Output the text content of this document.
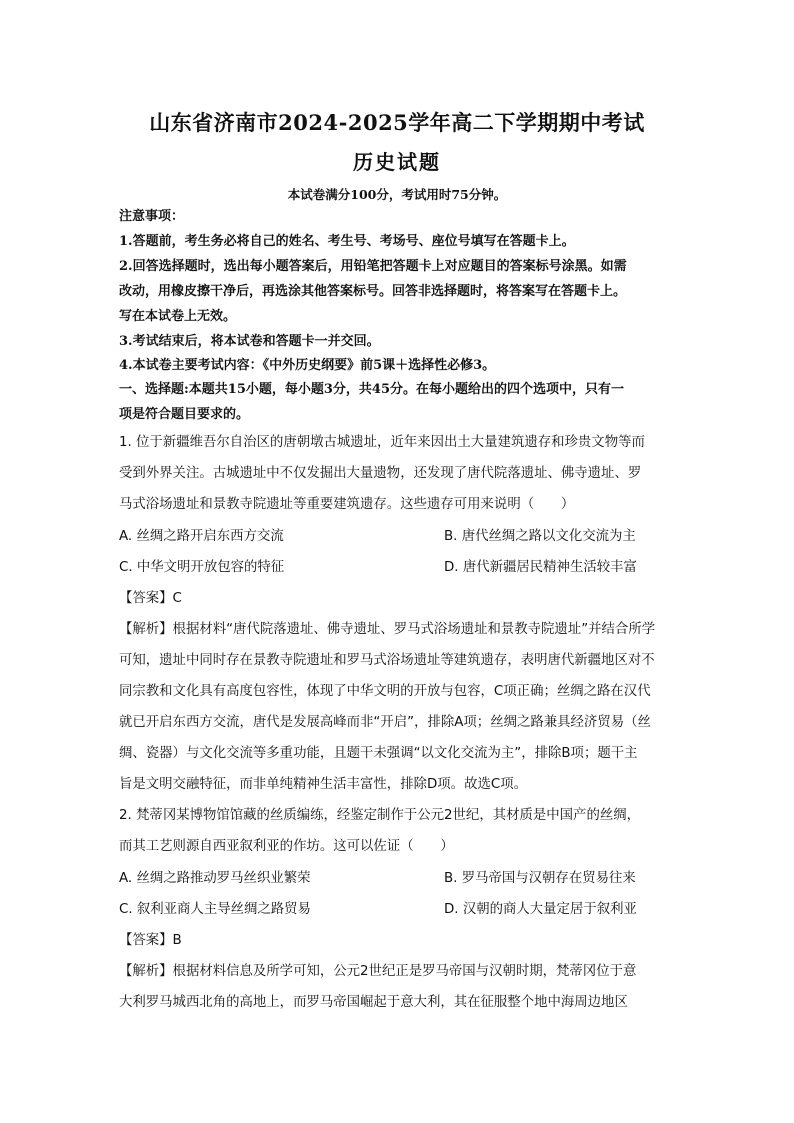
山东省济南市2024-2025学年高二下学期期中考试
历史试题
本试卷满分100分，考试用时75分钟。
注意事项：
1.答题前，考生务必将自己的姓名、考生号、考场号、座位号填写在答题卡上。
2.回答选择题时，选出每小题答案后，用铅笔把答题卡上对应题目的答案标号涂黑。如需
改动，用橡皮擦干净后，再选涂其他答案标号。回答非选择题时，将答案写在答题卡上。
写在本试卷上无效。
3.考试结束后，将本试卷和答题卡一并交回。
4.本试卷主要考试内容：《中外历史纲要》前5课＋选择性必修3。
一、选择题:本题共15小题，每小题3分，共45分。在每小题给出的四个选项中，只有一
项是符合题目要求的。
1. 位于新疆维吾尔自治区的唐朝墩古城遗址，近年来因出土大量建筑遗存和珍贵文物等而
受到外界关注。古城遗址中不仅发掘出大量遗物，还发现了唐代院落遗址、佛寺遗址、罗
马式浴场遗址和景教寺院遗址等重要建筑遗存。这些遗存可用来说明（　　）
A. 丝绸之路开启东西方交流	B. 唐代丝绸之路以文化交流为主
C. 中华文明开放包容的特征	D. 唐代新疆居民精神生活较丰富
【答案】C
【解析】根据材料“唐代院落遗址、佛寺遗址、罗马式浴场遗址和景教寺院遗址”并结合所学
可知，遗址中同时存在景教寺院遗址和罗马式浴场遗址等建筑遗存，表明唐代新疆地区对不
同宗教和文化具有高度包容性，体现了中华文明的开放与包容，C项正确；丝绸之路在汉代
就已开启东西方交流，唐代是发展高峰而非“开启”，排除A项；丝绸之路兼具经济贸易（丝
绸、瓷器）与文化交流等多重功能，且题干未强调“以文化交流为主”，排除B项；题干主
旨是文明交融特征，而非单纯精神生活丰富性，排除D项。故选C项。
2. 梵蒂冈某博物馆馆藏的丝质编练，经鉴定制作于公元2世纪，其材质是中国产的丝绸，
而其工艺则源自西亚叙利亚的作坊。这可以佐证（　　）
A. 丝绸之路推动罗马丝织业繁荣	B. 罗马帝国与汉朝存在贸易往来
C. 叙利亚商人主导丝绸之路贸易	D. 汉朝的商人大量定居于叙利亚
【答案】B
【解析】根据材料信息及所学可知，公元2世纪正是罗马帝国与汉朝时期，梵蒂冈位于意
大利罗马城西北角的高地上，而罗马帝国崛起于意大利，其在征服整个地中海周边地区
